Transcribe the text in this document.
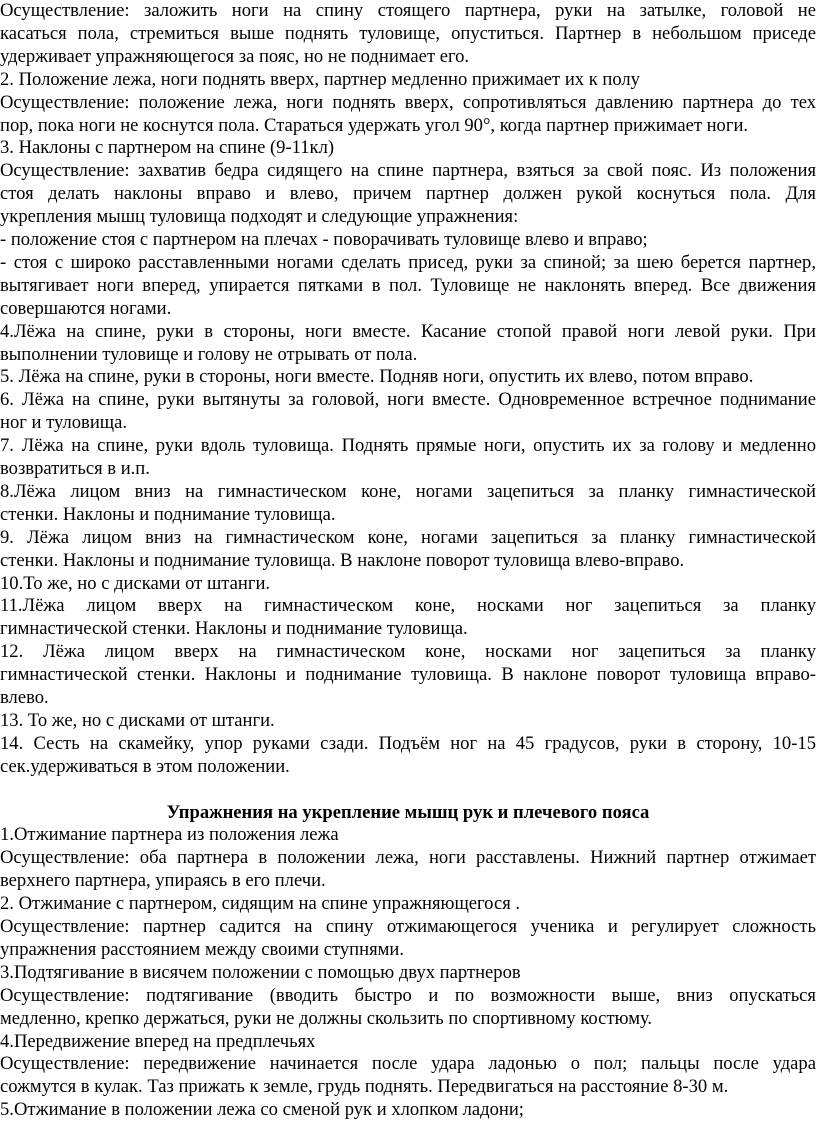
Осуществление: заложить ноги на спину стоящего партнера, руки на затылке, головой не
касаться пола, стремиться выше поднять туловище, опуститься. Партнер в небольшом приседе
удерживает упражняющегося за пояс, но не поднимает его.
2. Положение лежа, ноги поднять вверх, партнер медленно прижимает их к полу
Осуществление: положение лежа, ноги поднять вверх, сопротивляться давлению партнера до тех
пор, пока ноги не коснутся пола. Стараться удержать угол 90°, когда партнер прижимает ноги.
3. Наклоны с партнером на спине (9-11кл)
Осуществление: захватив бедра сидящего на спине партнера, взяться за свой пояс. Из положения
стоя делать наклоны вправо и влево, причем партнер должен рукой коснуться пола. Для
укрепления мышц туловища подходят и следующие упражнения:
- положение стоя с партнером на плечах - поворачивать туловище влево и вправо;
- стоя с широко расставленными ногами сделать присед, руки за спиной; за шею берется партнер,
вытягивает ноги вперед, упирается пятками в пол. Туловище не наклонять вперед. Все движения
совершаются ногами.
4.Лёжа на спине, руки в стороны, ноги вместе. Касание стопой правой ноги левой руки. При
выполнении туловище и голову не отрывать от пола.
5. Лёжа на спине, руки в стороны, ноги вместе. Подняв ноги, опустить их влево, потом вправо.
6. Лёжа на спине, руки вытянуты за головой, ноги вместе. Одновременное встречное поднимание
ног и туловища.
7. Лёжа на спине, руки вдоль туловища. Поднять прямые ноги, опустить их за голову и медленно
возвратиться в и.п.
8.Лёжа лицом вниз на гимнастическом коне, ногами зацепиться за планку гимнастической
стенки. Наклоны и поднимание туловища.
9. Лёжа лицом вниз на гимнастическом коне, ногами зацепиться за планку гимнастической
стенки. Наклоны и поднимание туловища. В наклоне поворот туловища влево-вправо.
10.То же, но с дисками от штанги.
11.Лёжа лицом вверх на гимнастическом коне, носками ног зацепиться за планку
гимнастической стенки. Наклоны и поднимание туловища.
12. Лёжа лицом вверх на гимнастическом коне, носками ног зацепиться за планку
гимнастической стенки. Наклоны и поднимание туловища. В наклоне поворот туловища вправо-
влево.
13. То же, но с дисками от штанги.
14. Сесть на скамейку, упор руками сзади. Подъём ног на 45 градусов, руки в сторону, 10-15
сек.удерживаться в этом положении.
Упражнения на укрепление мышц рук и плечевого пояса
1.Отжимание партнера из положения лежа
Осуществление: оба партнера в положении лежа, ноги расставлены. Нижний партнер отжимает
верхнего партнера, упираясь в его плечи.
2. Отжимание с партнером, сидящим на спине упражняющегося .
Осуществление: партнер садится на спину отжимающегося ученика и регулирует сложность
упражнения расстоянием между своими ступнями.
3.Подтягивание в висячем положении с помощью двух партнеров
Осуществление: подтягивание (вводить быстро и по возможности выше, вниз опускаться
медленно, крепко держаться, руки не должны скользить по спортивному костюму.
4.Передвижение вперед на предплечьях
Осуществление: передвижение начинается после удара ладонью о пол; пальцы после удара
сожмутся в кулак. Таз прижать к земле, грудь поднять. Передвигаться на расстояние 8-30 м.
5.Отжимание в положении лежа со сменой рук и хлопком ладони;
